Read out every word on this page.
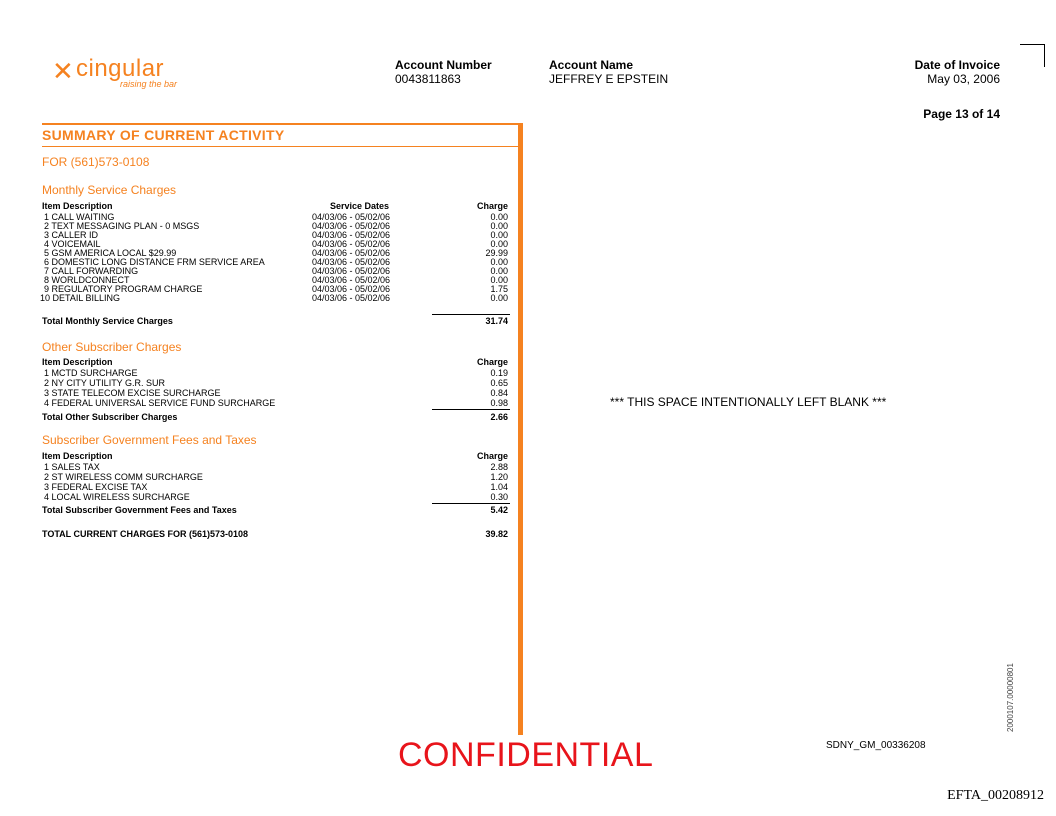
✕ cingular
raising the bar
Account Number
0043811863
Account Name
JEFFREY E EPSTEIN
Date of Invoice
May 03, 2006
Page 13 of 14
SUMMARY OF CURRENT ACTIVITY
FOR (561)573-0108
Monthly Service Charges
Item Description	Service Dates	Charge
1 CALL WAITING	04/03/06 - 05/02/06	0.00
2 TEXT MESSAGING PLAN - 0 MSGS	04/03/06 - 05/02/06	0.00
3 CALLER ID	04/03/06 - 05/02/06	0.00
4 VOICEMAIL	04/03/06 - 05/02/06	0.00
5 GSM AMERICA LOCAL $29.99	04/03/06 - 05/02/06	29.99
6 DOMESTIC LONG DISTANCE FRM SERVICE AREA	04/03/06 - 05/02/06	0.00
7 CALL FORWARDING	04/03/06 - 05/02/06	0.00
8 WORLDCONNECT	04/03/06 - 05/02/06	0.00
9 REGULATORY PROGRAM CHARGE	04/03/06 - 05/02/06	1.75
10 DETAIL BILLING	04/03/06 - 05/02/06	0.00
Total Monthly Service Charges	31.74
Other Subscriber Charges
Item Description	Charge
1 MCTD SURCHARGE	0.19
2 NY CITY UTILITY G.R. SUR	0.65
3 STATE TELECOM EXCISE SURCHARGE	0.84
4 FEDERAL UNIVERSAL SERVICE FUND SURCHARGE	0.98
Total Other Subscriber Charges	2.66
Subscriber Government Fees and Taxes
Item Description	Charge
1 SALES TAX	2.88
2 ST WIRELESS COMM SURCHARGE	1.20
3 FEDERAL EXCISE TAX	1.04
4 LOCAL WIRELESS SURCHARGE	0.30
Total Subscriber Government Fees and Taxes	5.42
TOTAL CURRENT CHARGES FOR (561)573-0108	39.82
*** THIS SPACE INTENTIONALLY LEFT BLANK ***
CONFIDENTIAL	SDNY_GM_00336208
2000107.00000801
EFTA_00208912
